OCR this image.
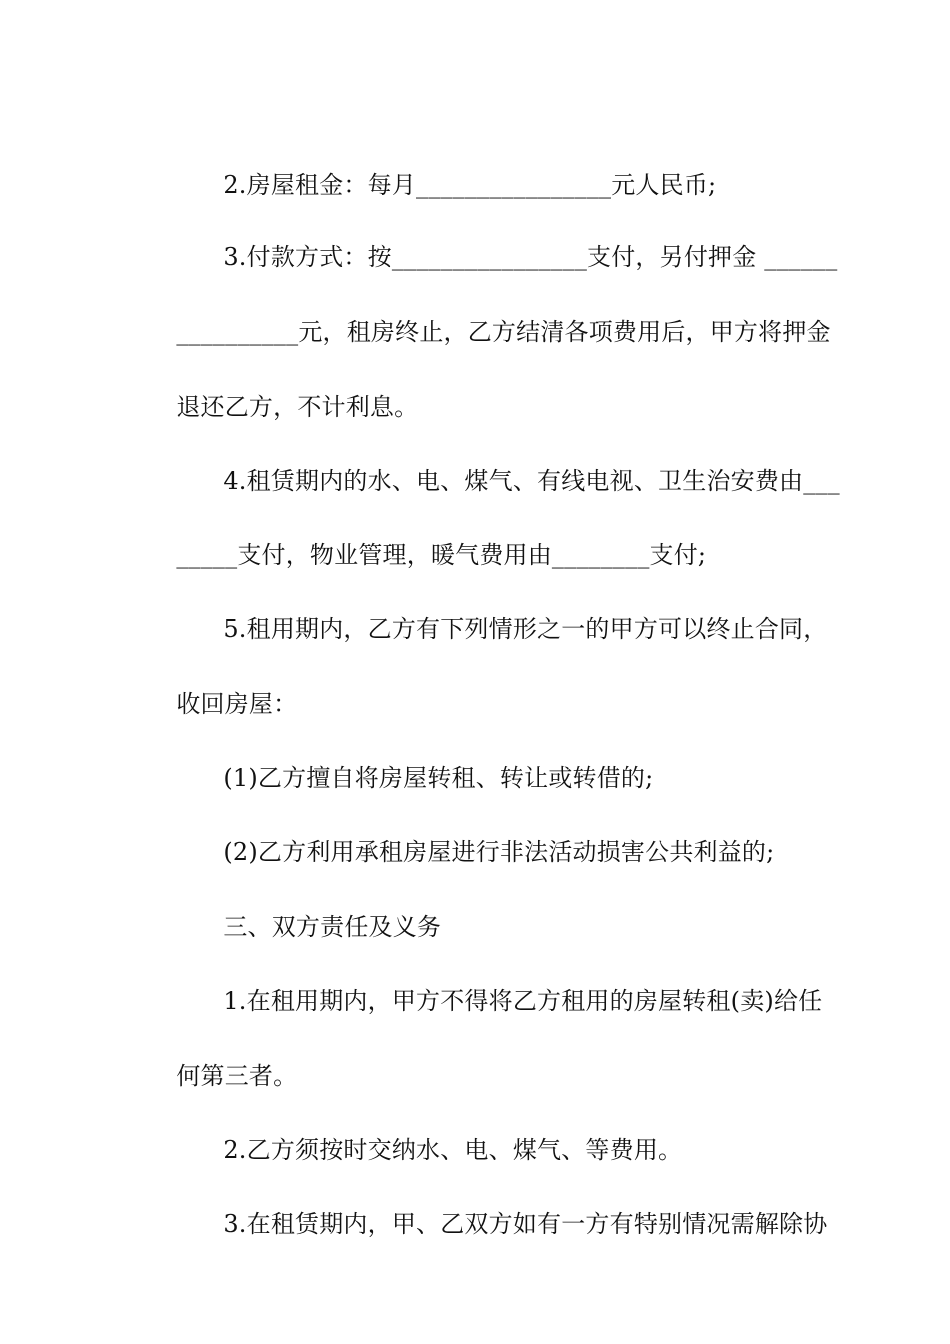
2.房屋租金：每月________________元人民币;

3.付款方式：按________________支付，另付押金 ______

__________元，租房终止，乙方结清各项费用后，甲方将押金

退还乙方，不计利息。

4.租赁期内的水、电、煤气、有线电视、卫生治安费由___

_____支付，物业管理，暖气费用由________支付;

5.租用期内，乙方有下列情形之一的甲方可以终止合同，

收回房屋：

(1)乙方擅自将房屋转租、转让或转借的;

(2)乙方利用承租房屋进行非法活动损害公共利益的;

三、双方责任及义务

1.在租用期内，甲方不得将乙方租用的房屋转租(卖)给任

何第三者。

2.乙方须按时交纳水、电、煤气、等费用。

3.在租赁期内，甲、乙双方如有一方有特别情况需解除协
